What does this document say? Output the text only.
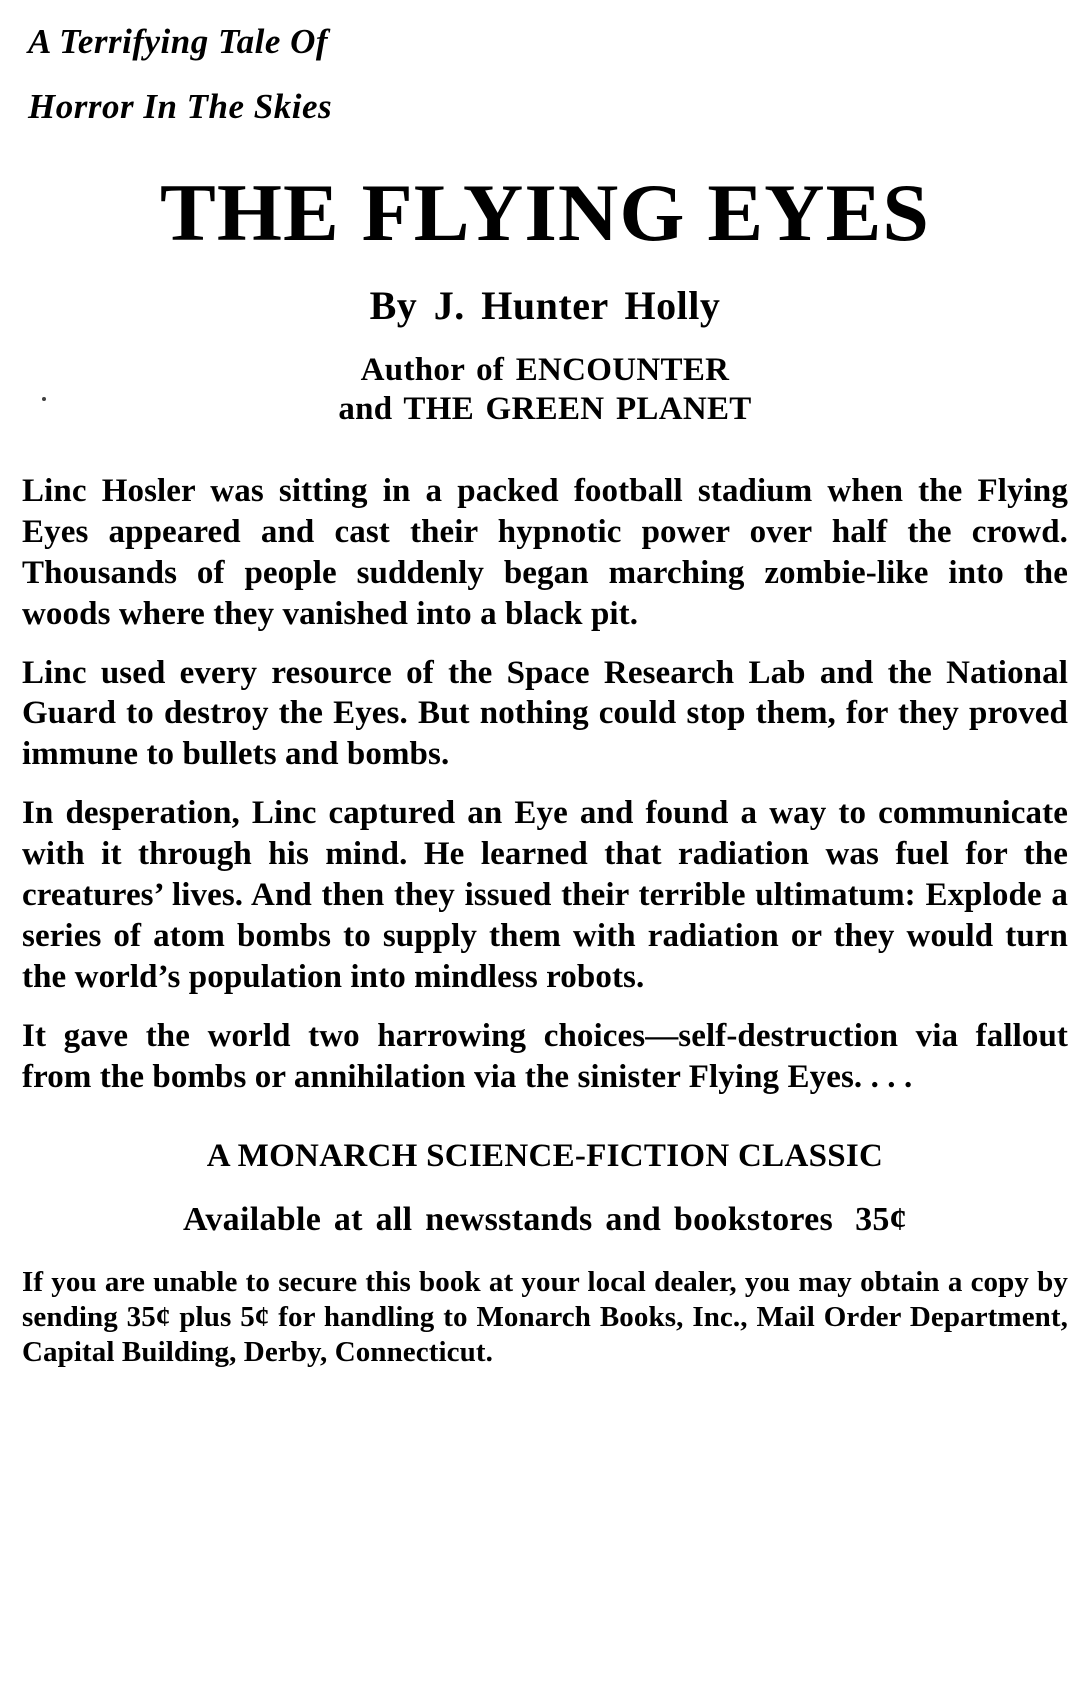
A Terrifying Tale Of
Horror In The Skies
THE FLYING EYES
By J. Hunter Holly
Author of ENCOUNTER
and THE GREEN PLANET

Linc Hosler was sitting in a packed football stadium when the Flying Eyes appeared and cast their hypnotic power over half the crowd. Thousands of people suddenly began marching zombie-like into the woods where they vanished into a black pit.

Linc used every resource of the Space Research Lab and the National Guard to destroy the Eyes. But nothing could stop them, for they proved immune to bullets and bombs.

In desperation, Linc captured an Eye and found a way to communicate with it through his mind. He learned that radiation was fuel for the creatures’ lives. And then they issued their terrible ultimatum: Explode a series of atom bombs to supply them with radiation or they would turn the world’s population into mindless robots.

It gave the world two harrowing choices—self-destruction via fallout from the bombs or annihilation via the sinister Flying Eyes. . . .

A MONARCH SCIENCE-FICTION CLASSIC
Available at all newsstands and bookstores 35¢

If you are unable to secure this book at your local dealer, you may obtain a copy by sending 35¢ plus 5¢ for handling to Monarch Books, Inc., Mail Order Department, Capital Building, Derby, Connecticut.
